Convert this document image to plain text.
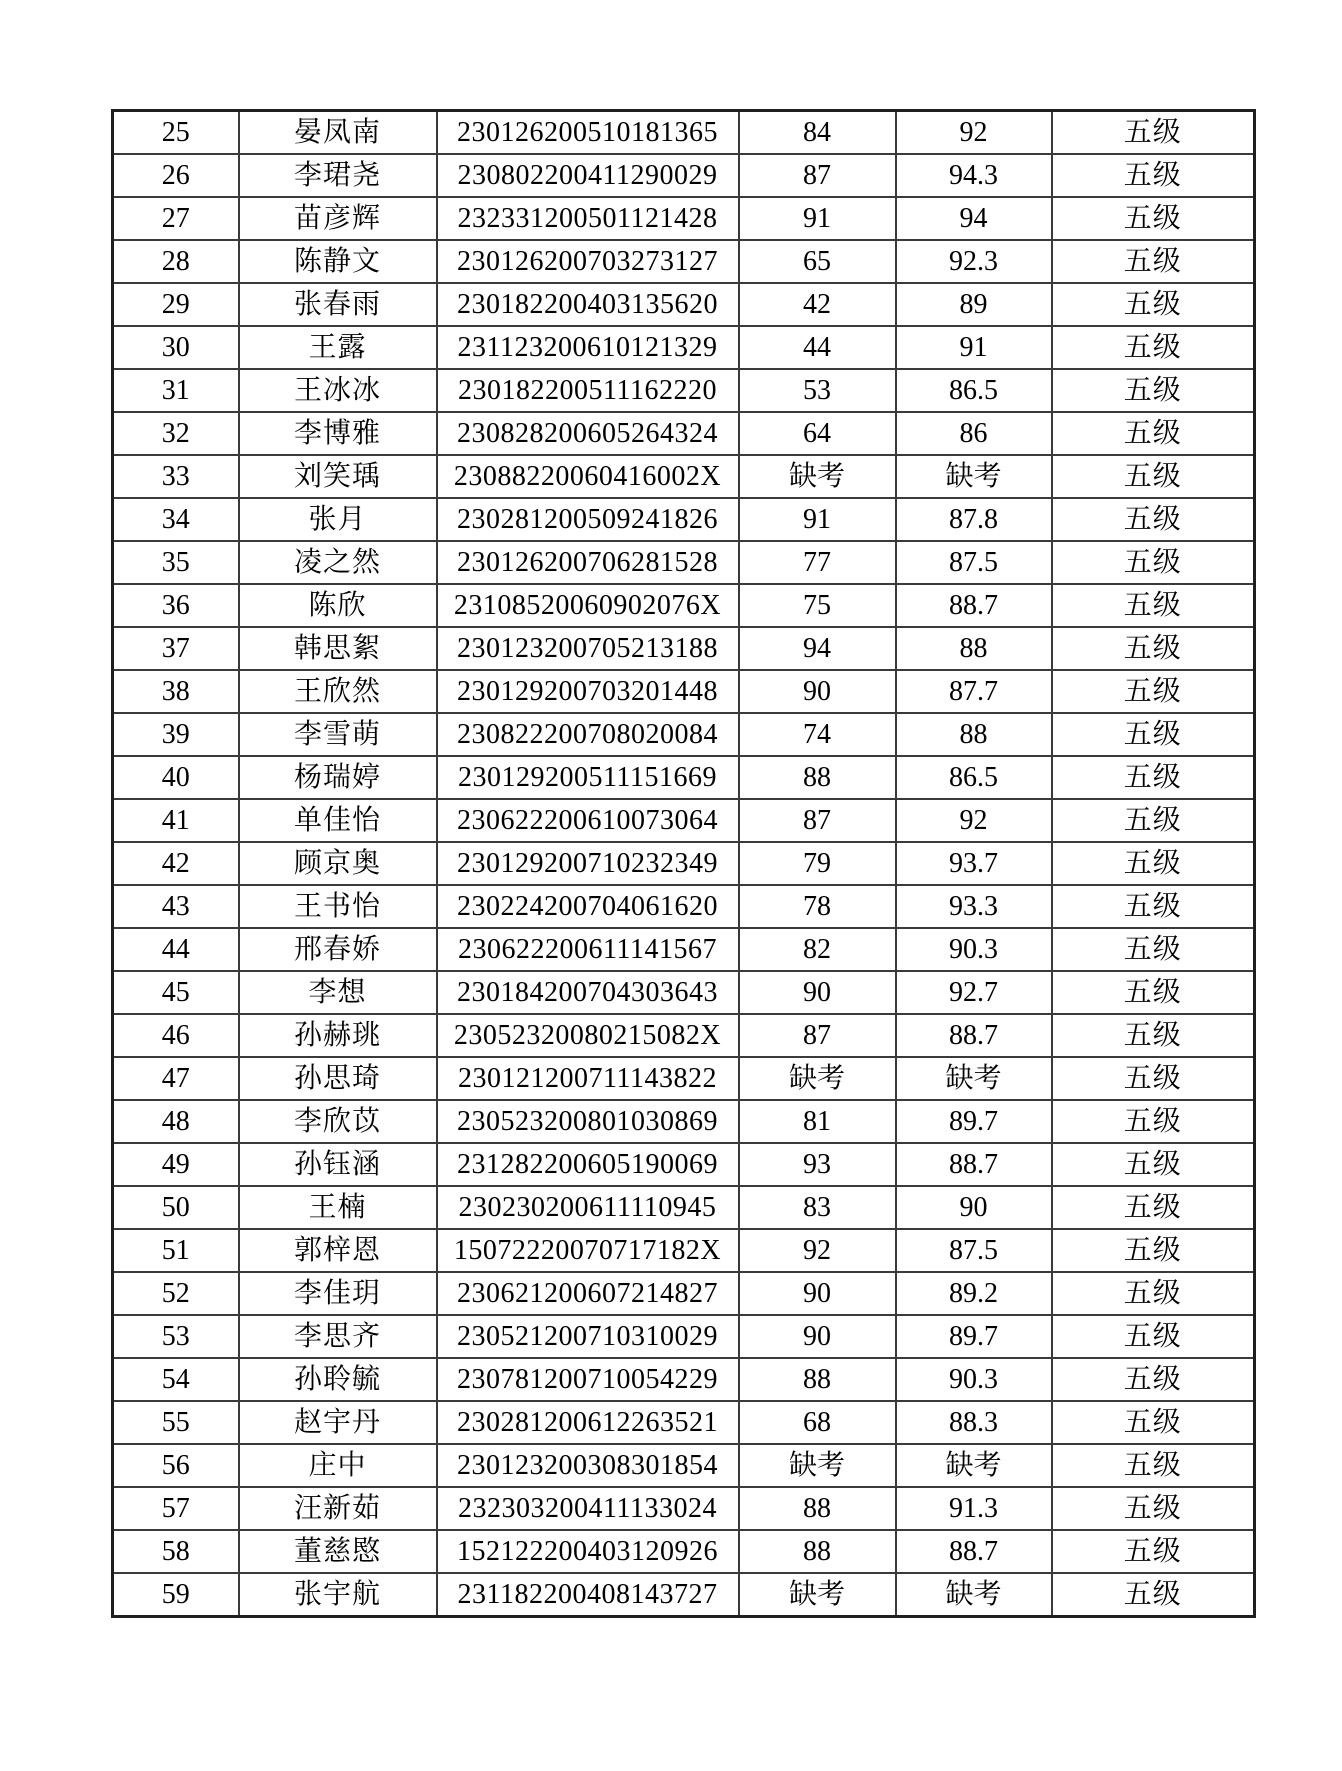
25	晏凤南	230126200510181365	84	92	五级
26	李珺尧	230802200411290029	87	94.3	五级
27	苗彦辉	232331200501121428	91	94	五级
28	陈静文	230126200703273127	65	92.3	五级
29	张春雨	230182200403135620	42	89	五级
30	王露	231123200610121329	44	91	五级
31	王冰冰	230182200511162220	53	86.5	五级
32	李博雅	230828200605264324	64	86	五级
33	刘笑瑀	23088220060416002X	缺考	缺考	五级
34	张月	230281200509241826	91	87.8	五级
35	凌之然	230126200706281528	77	87.5	五级
36	陈欣	23108520060902076X	75	88.7	五级
37	韩思絮	230123200705213188	94	88	五级
38	王欣然	230129200703201448	90	87.7	五级
39	李雪萌	230822200708020084	74	88	五级
40	杨瑞婷	230129200511151669	88	86.5	五级
41	单佳怡	230622200610073064	87	92	五级
42	顾京奥	230129200710232349	79	93.7	五级
43	王书怡	230224200704061620	78	93.3	五级
44	邢春娇	230622200611141567	82	90.3	五级
45	李想	230184200704303643	90	92.7	五级
46	孙赫珧	23052320080215082X	87	88.7	五级
47	孙思琦	230121200711143822	缺考	缺考	五级
48	李欣苡	230523200801030869	81	89.7	五级
49	孙钰涵	231282200605190069	93	88.7	五级
50	王楠	230230200611110945	83	90	五级
51	郭梓恩	15072220070717182X	92	87.5	五级
52	李佳玥	230621200607214827	90	89.2	五级
53	李思齐	230521200710310029	90	89.7	五级
54	孙聆毓	230781200710054229	88	90.3	五级
55	赵宇丹	230281200612263521	68	88.3	五级
56	庄中	230123200308301854	缺考	缺考	五级
57	汪新茹	232303200411133024	88	91.3	五级
58	董慈愍	152122200403120926	88	88.7	五级
59	张宇航	231182200408143727	缺考	缺考	五级
